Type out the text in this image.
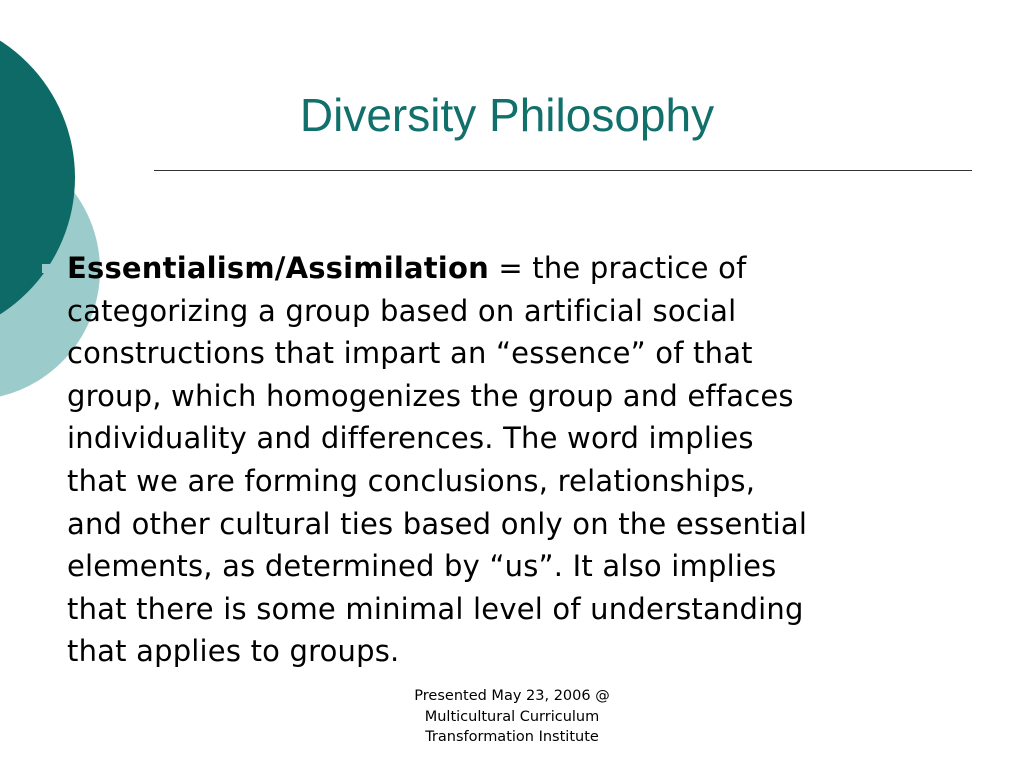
Diversity Philosophy
Essentialism/Assimilation = the practice of
categorizing a group based on artificial social
constructions that impart an “essence” of that
group, which homogenizes the group and effaces
individuality and differences. The word implies
that we are forming conclusions, relationships,
and other cultural ties based only on the essential
elements, as determined by “us”. It also implies
that there is some minimal level of understanding
that applies to groups.
Presented May 23, 2006 @
Multicultural Curriculum
Transformation Institute
